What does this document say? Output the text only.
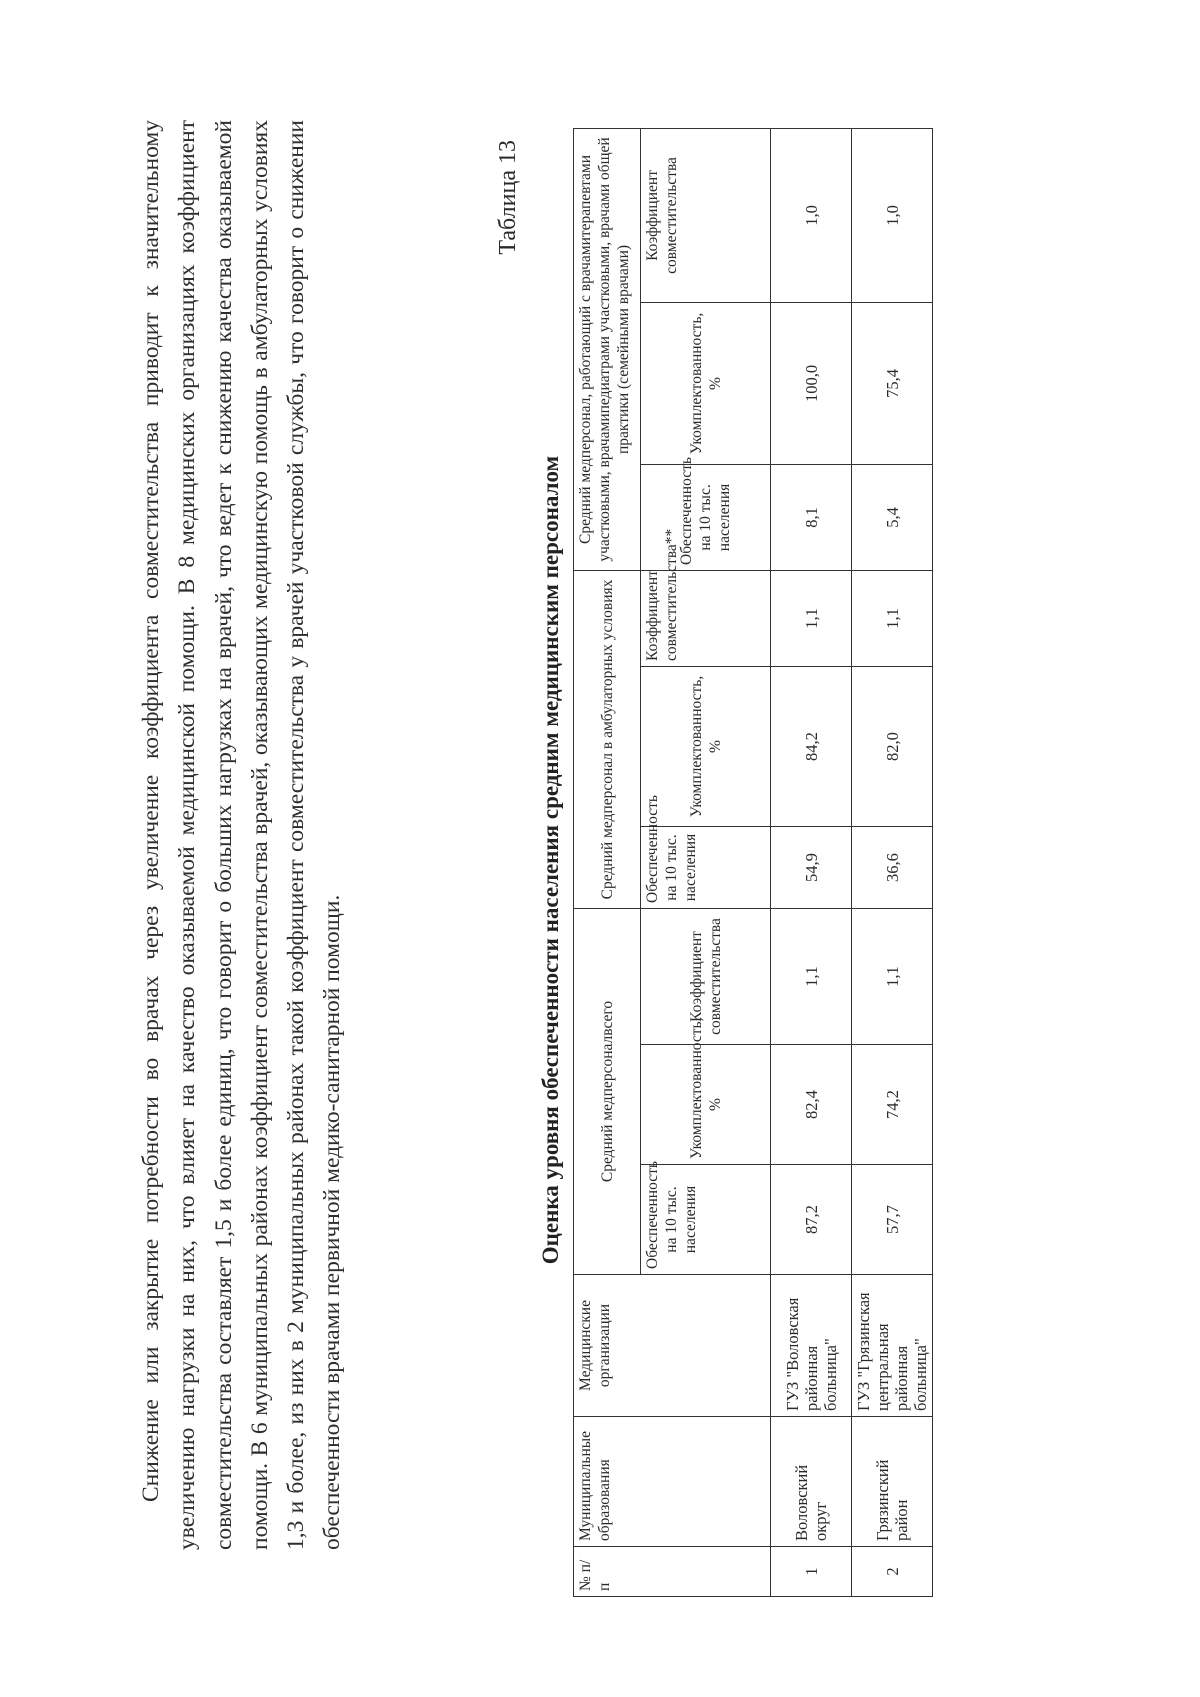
Снижение или закрытие потребности во врачах через увеличение коэффициента совместительства приводит к значительному увеличению нагрузки на них, что влияет на качество оказываемой медицинской помощи. В 8 медицинских организациях коэффициент совместительства составляет 1,5 и более единиц, что говорит о больших нагрузках на врачей, что ведет к снижению качества оказываемой помощи. В 6 муниципальных районах коэффициент совместительства врачей, оказывающих медицинскую помощь в амбулаторных условиях 1,3 и более, из них в 2 муниципальных районах такой коэффициент совместительства у врачей участковой службы, что говорит о снижении обеспеченности врачами первичной медико-санитарной помощи.

Таблица 13

Оценка уровня обеспеченности населения средним медицинским персоналом

№ п/п	Муниципальные образования	Медицинские организации	Средний медперсоналвсего			Средний медперсонал в амбулаторных условиях			Средний медперсонал, работающий с врачамитерапевтами участковыми, врачамипедиатрами участковыми, врачами общей практики (семейными врачами)		
			Обеспеченность на 10 тыс. населения	Укомплектованность, %	Коэффициент совместительства	Обеспеченность на 10 тыс. населения	Укомплектованность, %	Коэффициент совместительства**	Обеспеченность на 10 тыс. населения	Укомплектованность, %	Коэффициент совместительства
1	Воловский округ	ГУЗ "Воловская районная больница"	87,2	82,4	1,1	54,9	84,2	1,1	8,1	100,0	1,0
2	Грязинский район	ГУЗ "Грязинская центральная районная больница"	57,7	74,2	1,1	36,6	82,0	1,1	5,4	75,4	1,0
